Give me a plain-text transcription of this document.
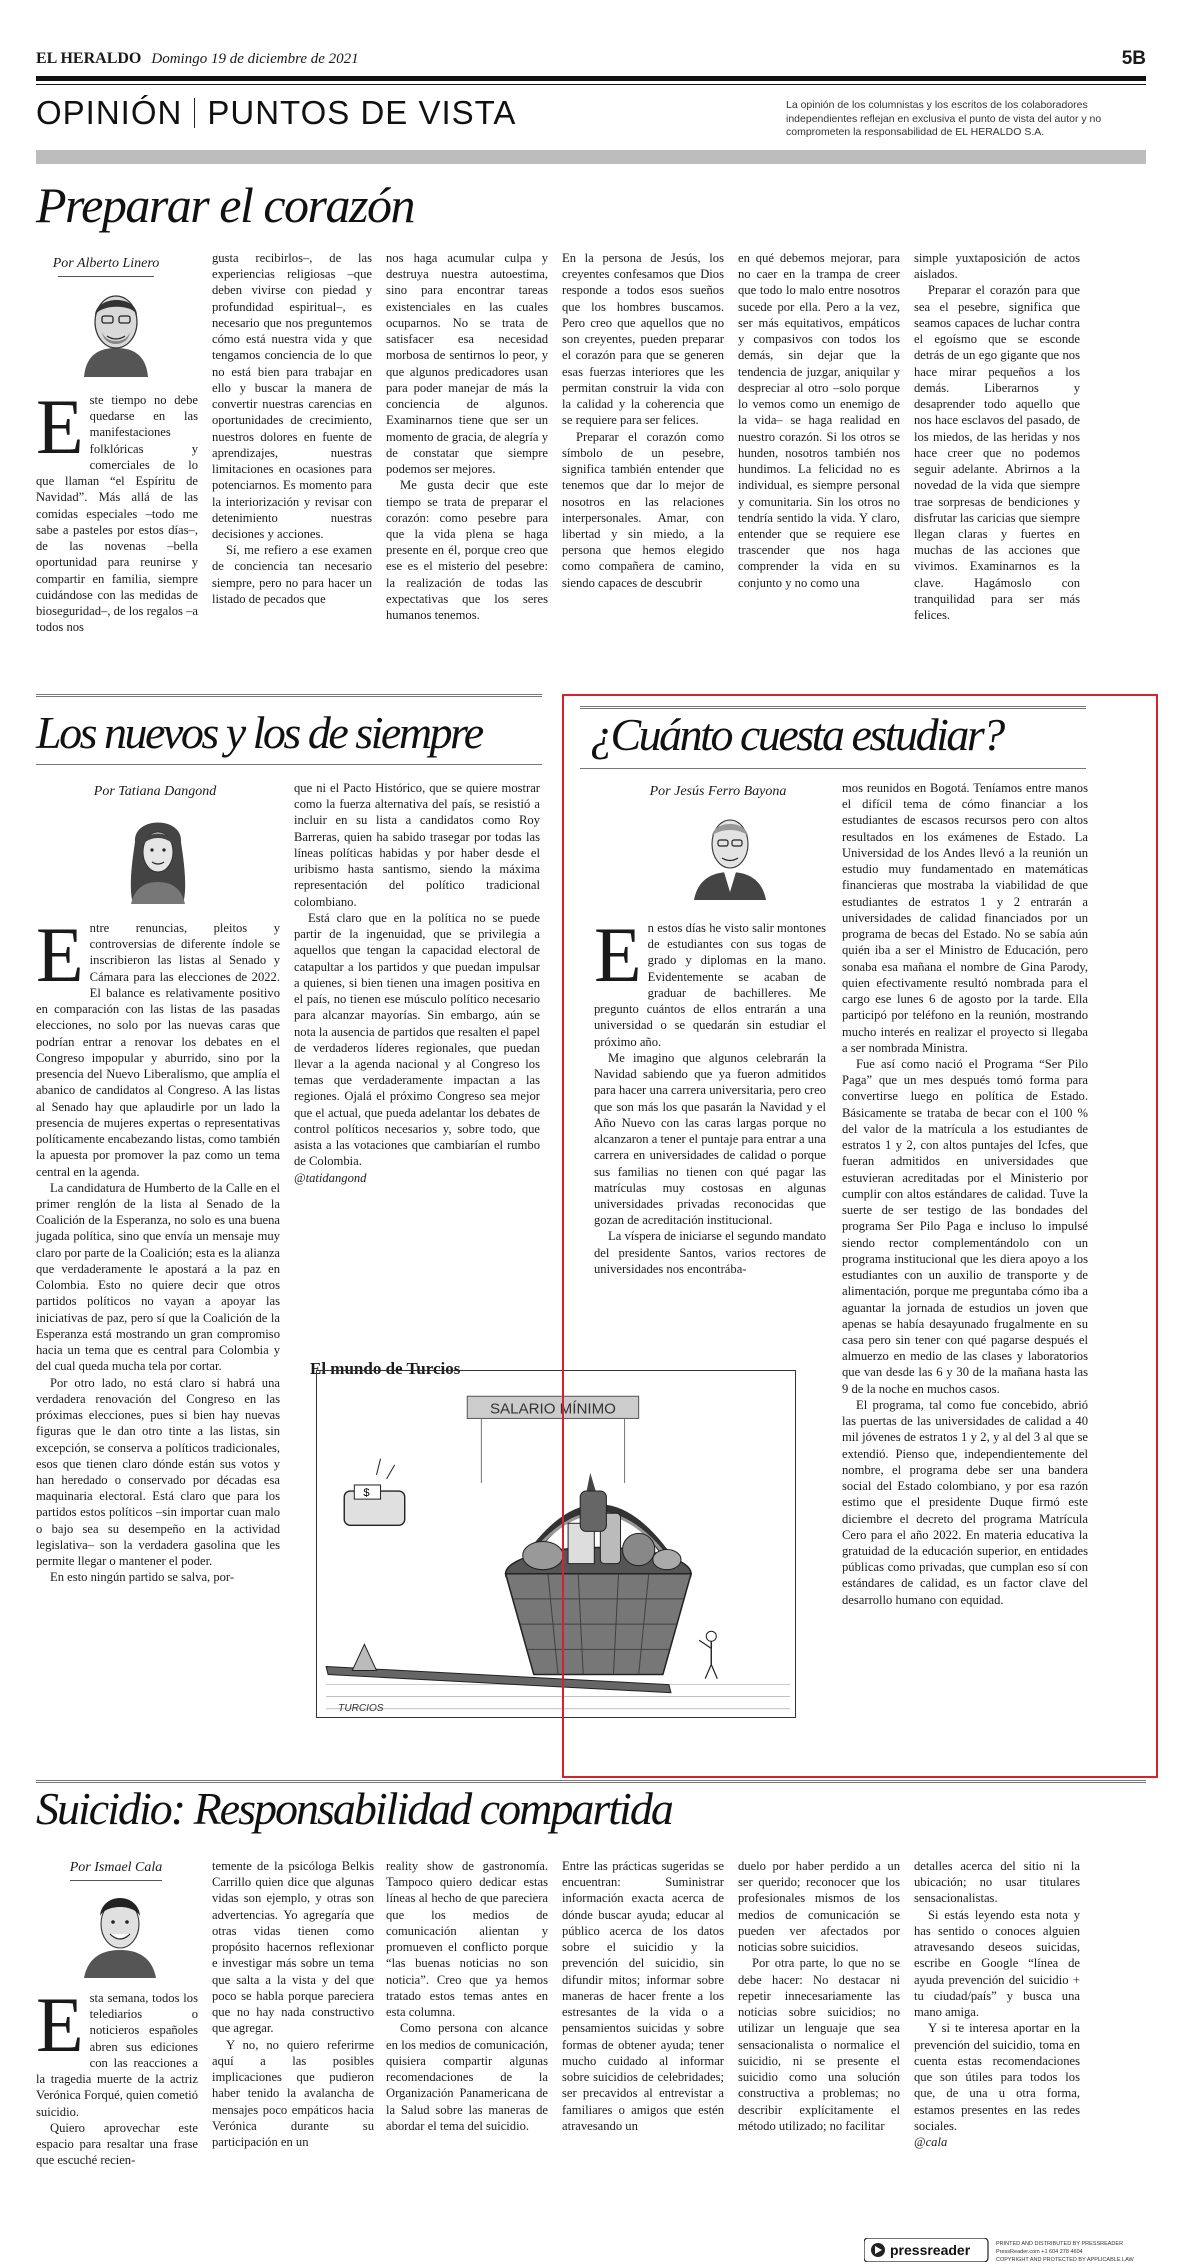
EL HERALDO Domingo 19 de diciembre de 2021	5B
OPINIÓN PUNTOS DE VISTA	La opinión de los columnistas y los escritos de los colaboradores independientes reflejan en exclusiva el punto de vista del autor y no comprometen la responsabilidad de EL HERALDO S.A.
Preparar el corazón
Por Alberto Linero

Este tiempo no debe quedarse en las manifestaciones folklóricas y comerciales de lo que llaman “el Espíritu de Navidad”. Más allá de las comidas especiales –todo me sabe a pasteles por estos días–, de las novenas –bella oportunidad para reunirse y compartir en familia, siempre cuidándose con las medidas de bioseguridad–, de los regalos –a todos nos

gusta recibirlos–, de las experiencias religiosas –que deben vivirse con piedad y profundidad espiritual–, es necesario que nos preguntemos cómo está nuestra vida y que tengamos conciencia de lo que no está bien para trabajar en ello y buscar la manera de convertir nuestras carencias en oportunidades de crecimiento, nuestros dolores en fuente de aprendizajes, nuestras limitaciones en ocasiones para potenciarnos. Es momento para la interiorización y revisar con detenimiento nuestras decisiones y acciones.

Sí, me refiero a ese examen de conciencia tan necesario siempre, pero no para hacer un listado de pecados que

nos haga acumular culpa y destruya nuestra autoestima, sino para encontrar tareas existenciales en las cuales ocuparnos. No se trata de satisfacer esa necesidad morbosa de sentirnos lo peor, y que algunos predicadores usan para poder manejar de más la conciencia de algunos. Examinarnos tiene que ser un momento de gracia, de alegría y de constatar que siempre podemos ser mejores.

Me gusta decir que este tiempo se trata de preparar el corazón: como pesebre para que la vida plena se haga presente en él, porque creo que ese es el misterio del pesebre: la realización de todas las expectativas que los seres humanos tenemos.

En la persona de Jesús, los creyentes confesamos que Dios responde a todos esos sueños que los hombres buscamos. Pero creo que aquellos que no son creyentes, pueden preparar el corazón para que se generen esas fuerzas interiores que les permitan construir la vida con la calidad y la coherencia que se requiere para ser felices.

Preparar el corazón como símbolo de un pesebre, significa también entender que tenemos que dar lo mejor de nosotros en las relaciones interpersonales. Amar, con libertad y sin miedo, a la persona que hemos elegido como compañera de camino, siendo capaces de descubrir

en qué debemos mejorar, para no caer en la trampa de creer que todo lo malo entre nosotros sucede por ella. Pero a la vez, ser más equitativos, empáticos y compasivos con todos los demás, sin dejar que la tendencia de juzgar, aniquilar y despreciar al otro –solo porque lo vemos como un enemigo de la vida– se haga realidad en nuestro corazón. Si los otros se hunden, nosotros también nos hundimos. La felicidad no es individual, es siempre personal y comunitaria. Sin los otros no tendría sentido la vida. Y claro, entender que se requiere ese trascender que nos haga comprender la vida en su conjunto y no como una

simple yuxtaposición de actos aislados.

Preparar el corazón para que sea el pesebre, significa que seamos capaces de luchar contra el egoísmo que se esconde detrás de un ego gigante que nos hace mirar pequeños a los demás. Liberarnos y desaprender todo aquello que nos hace esclavos del pasado, de los miedos, de las heridas y nos hace creer que no podemos seguir adelante. Abrirnos a la novedad de la vida que siempre trae sorpresas de bendiciones y disfrutar las caricias que siempre llegan claras y fuertes en muchas de las acciones que vivimos. Examinarnos es la clave. Hagámoslo con tranquilidad para ser más felices.

Los nuevos y los de siempre
Por Tatiana Dangond

Entre renuncias, pleitos y controversias de diferente índole se inscribieron las listas al Senado y Cámara para las elecciones de 2022. El balance es relativamente positivo en comparación con las listas de las pasadas elecciones, no solo por las nuevas caras que podrían entrar a renovar los debates en el Congreso impopular y aburrido, sino por la presencia del Nuevo Liberalismo, que amplía el abanico de candidatos al Congreso. A las listas al Senado hay que aplaudirle por un lado la presencia de mujeres expertas o representativas políticamente encabezando listas, como también la apuesta por promover la paz como un tema central en la agenda.

La candidatura de Humberto de la Calle en el primer renglón de la lista al Senado de la Coalición de la Esperanza, no solo es una buena jugada política, sino que envía un mensaje muy claro por parte de la Coalición; esta es la alianza que verdaderamente le apostará a la paz en Colombia. Esto no quiere decir que otros partidos políticos no vayan a apoyar las iniciativas de paz, pero sí que la Coalición de la Esperanza está mostrando un gran compromiso hacia un tema que es central para Colombia y del cual queda mucha tela por cortar.

Por otro lado, no está claro si habrá una verdadera renovación del Congreso en las próximas elecciones, pues si bien hay nuevas figuras que le dan otro tinte a las listas, sin excepción, se conserva a políticos tradicionales, esos que tienen claro dónde están sus votos y han heredado o conservado por décadas esa maquinaria electoral. Está claro que para los partidos estos políticos –sin importar cuan malo o bajo sea su desempeño en la actividad legislativa– son la verdadera gasolina que les permite llegar o mantener el poder.

En esto ningún partido se salva, por-

que ni el Pacto Histórico, que se quiere mostrar como la fuerza alternativa del país, se resistió a incluir en su lista a candidatos como Roy Barreras, quien ha sabido trasegar por todas las líneas políticas habidas y por haber desde el uribismo hasta santismo, siendo la máxima representación del político tradicional colombiano.

Está claro que en la política no se puede partir de la ingenuidad, que se privilegia a aquellos que tengan la capacidad electoral de catapultar a los partidos y que puedan impulsar a quienes, si bien tienen una imagen positiva en el país, no tienen ese músculo político necesario para alcanzar mayorías. Sin embargo, aún se nota la ausencia de partidos que resalten el papel de verdaderos líderes regionales, que puedan llevar a la agenda nacional y al Congreso los temas que verdaderamente impactan a las regiones. Ojalá el próximo Congreso sea mejor que el actual, que pueda adelantar los debates de control políticos necesarios y, sobre todo, que asista a las votaciones que cambiarían el rumbo de Colombia.

@tatidangond

El mundo de Turcios
SALARIO MÍNIMO
$
TURCIOS
¿Cuánto cuesta estudiar?
Por Jesús Ferro Bayona

En estos días he visto salir montones de estudiantes con sus togas de grado y diplomas en la mano. Evidentemente se acaban de graduar de bachilleres. Me pregunto cuántos de ellos entrarán a una universidad o se quedarán sin estudiar el próximo año.

Me imagino que algunos celebrarán la Navidad sabiendo que ya fueron admitidos para hacer una carrera universitaria, pero creo que son más los que pasarán la Navidad y el Año Nuevo con las caras largas porque no alcanzaron a tener el puntaje para entrar a una carrera en universidades de calidad o porque sus familias no tienen con qué pagar las matrículas muy costosas en algunas universidades privadas reconocidas que gozan de acreditación institucional.

La víspera de iniciarse el segundo mandato del presidente Santos, varios rectores de universidades nos encontrába-

mos reunidos en Bogotá. Teníamos entre manos el difícil tema de cómo financiar a los estudiantes de escasos recursos pero con altos resultados en los exámenes de Estado. La Universidad de los Andes llevó a la reunión un estudio muy fundamentado en matemáticas financieras que mostraba la viabilidad de que estudiantes de estratos 1 y 2 entrarán a universidades de calidad financiados por un programa de becas del Estado. No se sabía aún quién iba a ser el Ministro de Educación, pero sonaba esa mañana el nombre de Gina Parody, quien efectivamente resultó nombrada para el cargo ese lunes 6 de agosto por la tarde. Ella participó por teléfono en la reunión, mostrando mucho interés en realizar el proyecto si llegaba a ser nombrada Ministra.

Fue así como nació el Programa “Ser Pilo Paga” que un mes después tomó forma para convertirse luego en política de Estado. Básicamente se trataba de becar con el 100 % del valor de la matrícula a los estudiantes de estratos 1 y 2, con altos puntajes del Icfes, que fueran admitidos en universidades que estuvieran acreditadas por el Ministerio por cumplir con altos estándares de calidad. Tuve la suerte de ser testigo de las bondades del programa Ser Pilo Paga e incluso lo impulsé siendo rector complementándolo con un programa institucional que les diera apoyo a los estudiantes con un auxilio de transporte y de alimentación, porque me preguntaba cómo iba a aguantar la jornada de estudios un joven que apenas se había desayunado frugalmente en su casa pero sin tener con qué pagarse después el almuerzo en medio de las clases y laboratorios que van desde las 6 y 30 de la mañana hasta las 9 de la noche en muchos casos.

El programa, tal como fue concebido, abrió las puertas de las universidades de calidad a 40 mil jóvenes de estratos 1 y 2, y al del 3 al que se extendió. Pienso que, independientemente del nombre, el programa debe ser una bandera social del Estado colombiano, y por esa razón estimo que el presidente Duque firmó este diciembre el decreto del programa Matrícula Cero para el año 2022. En materia educativa la gratuidad de la educación superior, en entidades públicas como privadas, que cumplan eso sí con estándares de calidad, es un factor clave del desarrollo humano con equidad.

Suicidio: Responsabilidad compartida
Por Ismael Cala

Esta semana, todos los telediarios o noticieros españoles abren sus ediciones con las reacciones a la tragedia muerte de la actriz Verónica Forqué, quien cometió suicidio.

Quiero aprovechar este espacio para resaltar una frase que escuché recien-

temente de la psicóloga Belkis Carrillo quien dice que algunas vidas son ejemplo, y otras son advertencias. Yo agregaría que otras vidas tienen como propósito hacernos reflexionar e investigar más sobre un tema que salta a la vista y del que poco se habla porque pareciera que no hay nada constructivo que agregar.

Y no, no quiero referirme aquí a las posibles implicaciones que pudieron haber tenido la avalancha de mensajes poco empáticos hacia Verónica durante su participación en un

reality show de gastronomía. Tampoco quiero dedicar estas líneas al hecho de que pareciera que los medios de comunicación alientan y promueven el conflicto porque “las buenas noticias no son noticia”. Creo que ya hemos tratado estos temas antes en esta columna.

Como persona con alcance en los medios de comunicación, quisiera compartir algunas recomendaciones de la Organización Panamericana de la Salud sobre las maneras de abordar el tema del suicidio.

Entre las prácticas sugeridas se encuentran: Suministrar información exacta acerca de dónde buscar ayuda; educar al público acerca de los datos sobre el suicidio y la prevención del suicidio, sin difundir mitos; informar sobre maneras de hacer frente a los estresantes de la vida o a pensamientos suicidas y sobre formas de obtener ayuda; tener mucho cuidado al informar sobre suicidios de celebridades; ser precavidos al entrevistar a familiares o amigos que estén atravesando un

duelo por haber perdido a un ser querido; reconocer que los profesionales mismos de los medios de comunicación se pueden ver afectados por noticias sobre suicidios.

Por otra parte, lo que no se debe hacer: No destacar ni repetir innecesariamente las noticias sobre suicidios; no utilizar un lenguaje que sea sensacionalista o normalice el suicidio, ni se presente el suicidio como una solución constructiva a problemas; no describir explícitamente el método utilizado; no facilitar

detalles acerca del sitio ni la ubicación; no usar titulares sensacionalistas.

Si estás leyendo esta nota y has sentido o conoces alguien atravesando deseos suicidas, escribe en Google “línea de ayuda prevención del suicidio + tu ciudad/país” y busca una mano amiga.

Y si te interesa aportar en la prevención del suicidio, toma en cuenta estas recomendaciones que son útiles para todos los que, de una u otra forma, estamos presentes en las redes sociales.

@cala

pressreader	PRINTED AND DISTRIBUTED BY PRESSREADER
PressReader.com +1 604 278 4604
COPYRIGHT AND PROTECTED BY APPLICABLE LAW
